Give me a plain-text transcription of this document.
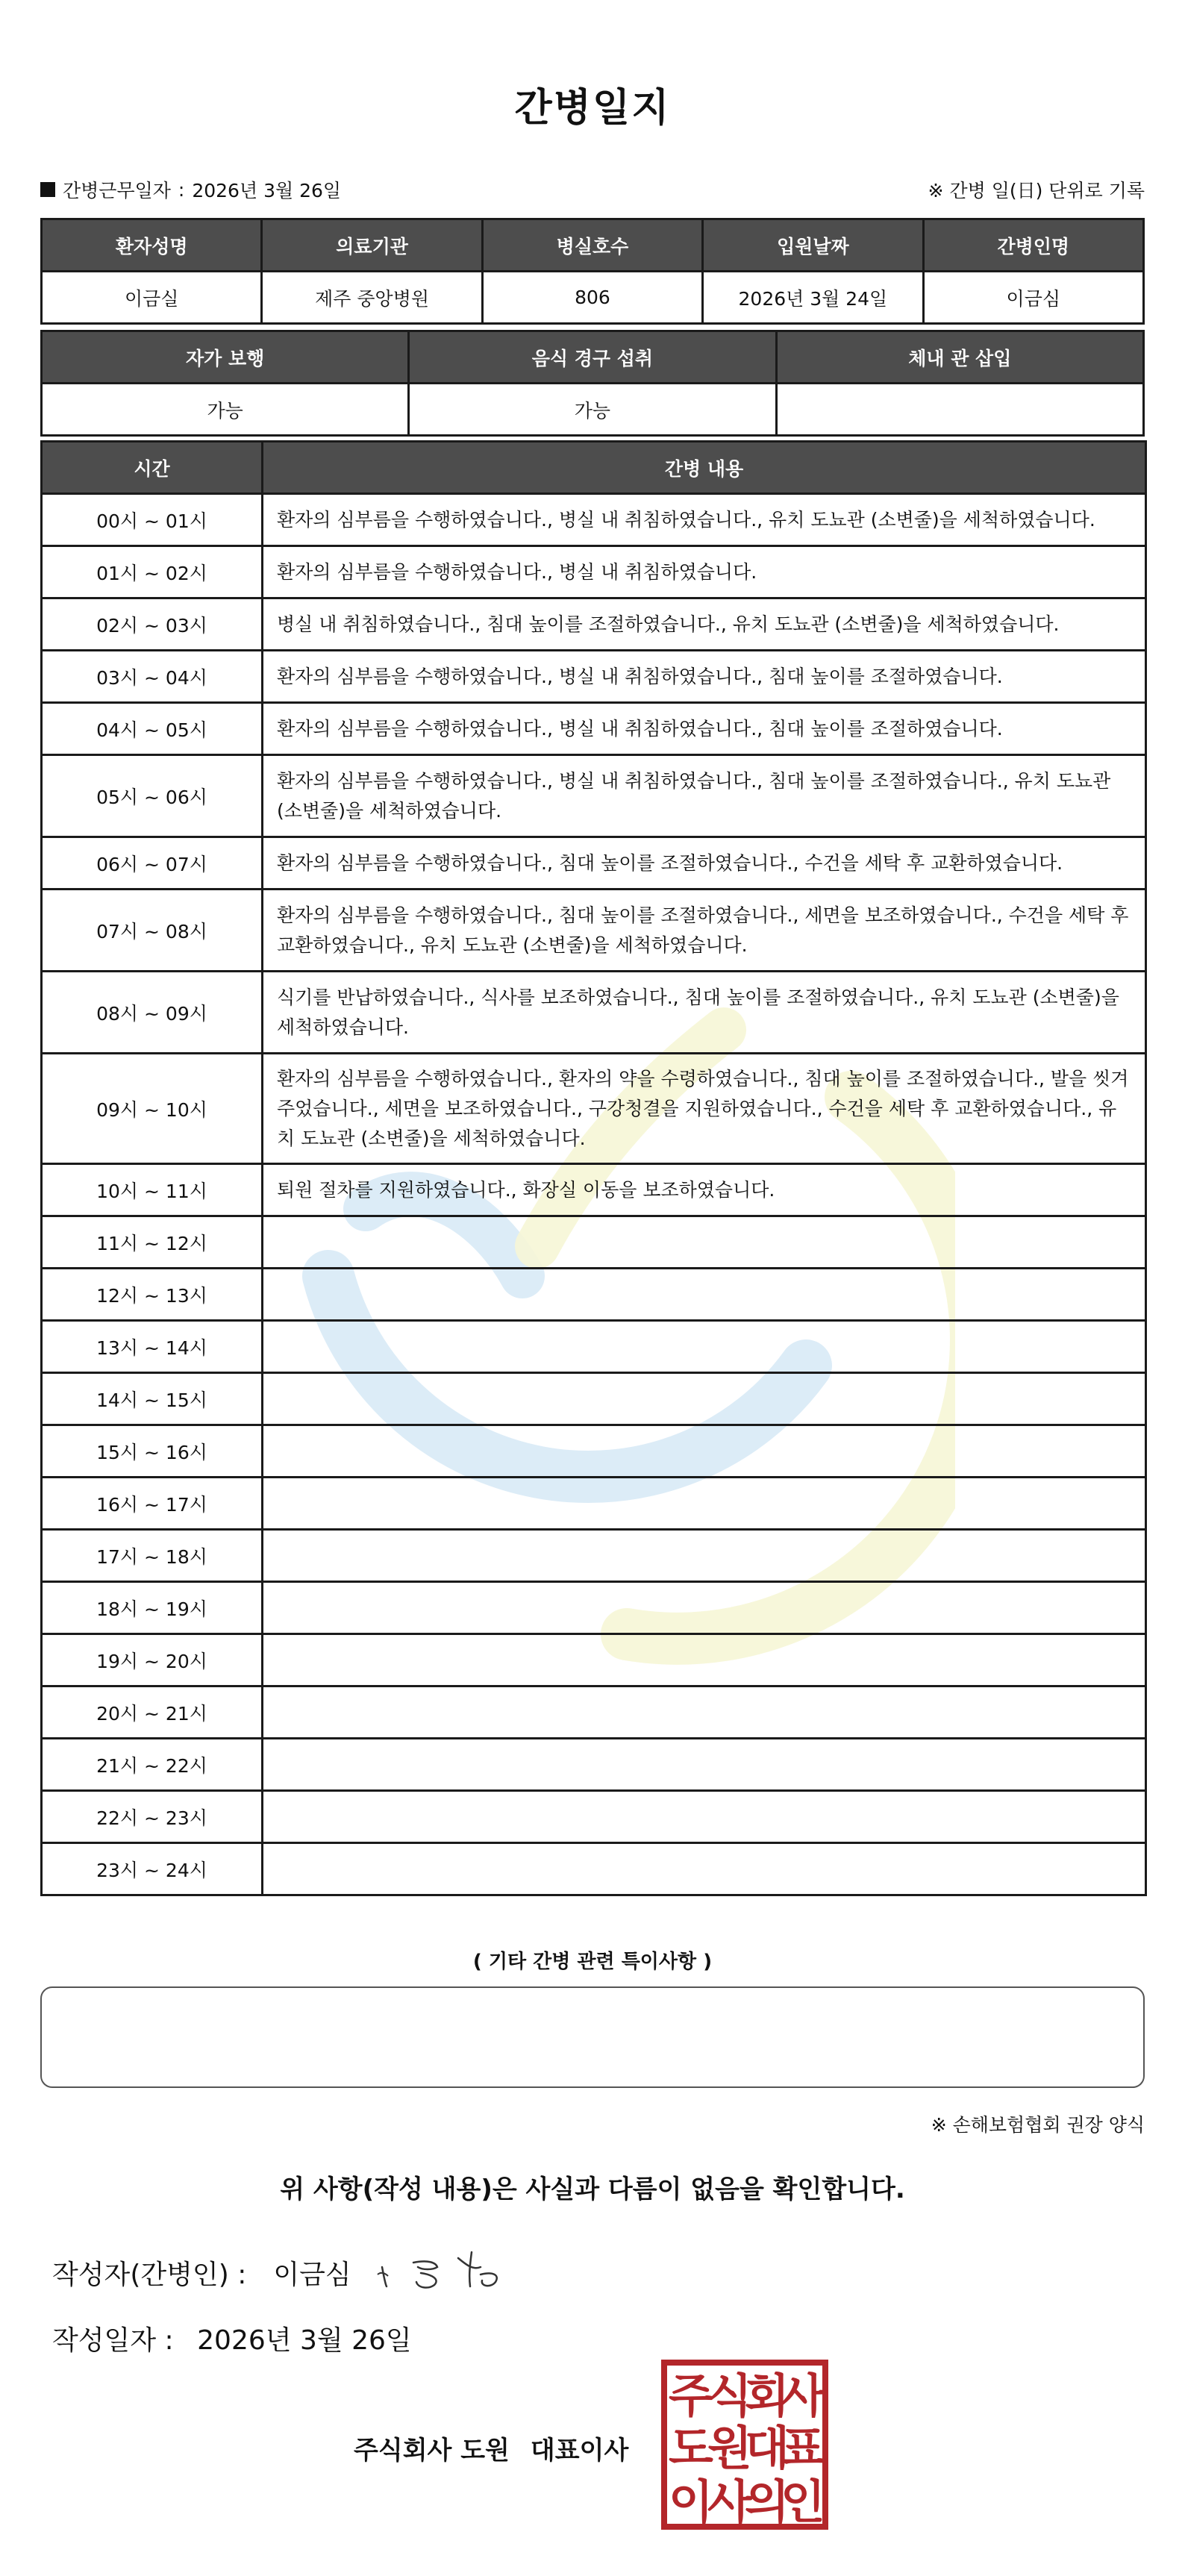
간병일지
간병근무일자 : 2026년 3월 26일	※ 간병 일(日) 단위로 기록
환자성명	의료기관	병실호수	입원날짜	간병인명
이금실	제주 중앙병원	806	2026년 3월 24일	이금심
자가 보행	음식 경구 섭취	체내 관 삽입
가능	가능	
시간	간병 내용
00시 ~ 01시	환자의 심부름을 수행하였습니다., 병실 내 취침하였습니다., 유치 도뇨관 (소변줄)을 세척하였습니다.
01시 ~ 02시	환자의 심부름을 수행하였습니다., 병실 내 취침하였습니다.
02시 ~ 03시	병실 내 취침하였습니다., 침대 높이를 조절하였습니다., 유치 도뇨관 (소변줄)을 세척하였습니다.
03시 ~ 04시	환자의 심부름을 수행하였습니다., 병실 내 취침하였습니다., 침대 높이를 조절하였습니다.
04시 ~ 05시	환자의 심부름을 수행하였습니다., 병실 내 취침하였습니다., 침대 높이를 조절하였습니다.
05시 ~ 06시	환자의 심부름을 수행하였습니다., 병실 내 취침하였습니다., 침대 높이를 조절하였습니다., 유치 도뇨관 (소변줄)을 세척하였습니다.
06시 ~ 07시	환자의 심부름을 수행하였습니다., 침대 높이를 조절하였습니다., 수건을 세탁 후 교환하였습니다.
07시 ~ 08시	환자의 심부름을 수행하였습니다., 침대 높이를 조절하였습니다., 세면을 보조하였습니다., 수건을 세탁 후 교환하였습니다., 유치 도뇨관 (소변줄)을 세척하였습니다.
08시 ~ 09시	식기를 반납하였습니다., 식사를 보조하였습니다., 침대 높이를 조절하였습니다., 유치 도뇨관 (소변줄)을 세척하였습니다.
09시 ~ 10시	환자의 심부름을 수행하였습니다., 환자의 약을 수령하였습니다., 침대 높이를 조절하였습니다., 발을 씻겨주었습니다., 세면을 보조하였습니다., 구강청결을 지원하였습니다., 수건을 세탁 후 교환하였습니다., 유치 도뇨관 (소변줄)을 세척하였습니다.
10시 ~ 11시	퇴원 절차를 지원하였습니다., 화장실 이동을 보조하였습니다.
11시 ~ 12시	
12시 ~ 13시	
13시 ~ 14시	
14시 ~ 15시	
15시 ~ 16시	
16시 ~ 17시	
17시 ~ 18시	
18시 ~ 19시	
19시 ~ 20시	
20시 ~ 21시	
21시 ~ 22시	
22시 ~ 23시	
23시 ~ 24시	
( 기타 간병 관련 특이사항 )
※ 손해보험협회 권장 양식
위 사항(작성 내용)은 사실과 다름이 없음을 확인합니다.
작성자(간병인) : 이금심
작성일자 : 2026년 3월 26일
주식회사 도원 대표이사
주
식
회
사
도
원
대
표
이
사
의
인
